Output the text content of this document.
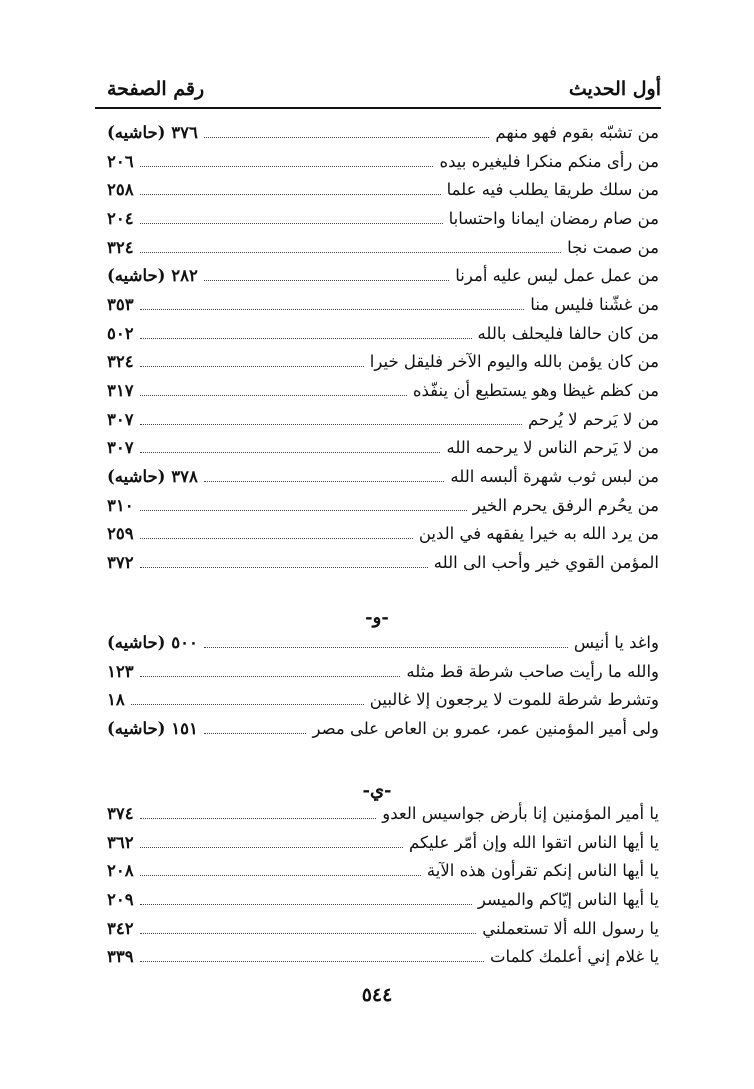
أول الحديث
رقم الصفحة
من تشبّه بقوم فهو منهم
٣٧٦ (حاشيه)
من رأى منكم منكرا فليغيره بيده
٢٠٦
من سلك طريقا يطلب فيه علما
٢٥٨
من صام رمضان ايمانا واحتسابا
٢٠٤
من صمت نجا
٣٢٤
من عمل عمل ليس عليه أمرنا
٢٨٢ (حاشيه)
من غشّنا فليس منا
٣٥٣
من كان حالفا فليحلف بالله
٥٠٢
من كان يؤمن بالله واليوم الآخر فليقل خيرا
٣٢٤
من كظم غيظا وهو يستطيع أن ينفّذه
٣١٧
من لا يَرحم لا يُرحم
٣٠٧
من لا يَرحم الناس لا يرحمه الله
٣٠٧
من لبس ثوب شهرة ألبسه الله
٣٧٨ (حاشيه)
من يحُرم الرفق يحرم الخير
٣١٠
من يرد الله به خيرا يفقهه في الدين
٢٥٩
المؤمن القوي خير وأحب الى الله
٣٧٢
-و-
واغد يا أنيس
٥٠٠ (حاشيه)
والله ما رأيت صاحب شرطة قط مثله
١٢٣
وتشرط شرطة للموت لا يرجعون إلا غالبين
١٨
ولى أمير المؤمنين عمر، عمرو بن العاص على مصر
١٥١ (حاشيه)
-ي-
يا أمير المؤمنين إنا بأرض جواسيس العدو
٣٧٤
يا أيها الناس اتقوا الله وإن أمّر عليكم
٣٦٢
يا أيها الناس إنكم تقرأون هذه الآية
٢٠٨
يا أيها الناس إيّاكم والميسر
٢٠٩
يا رسول الله ألا تستعملني
٣٤٢
يا غلام إني أعلمك كلمات
٣٣٩
٥٤٤
